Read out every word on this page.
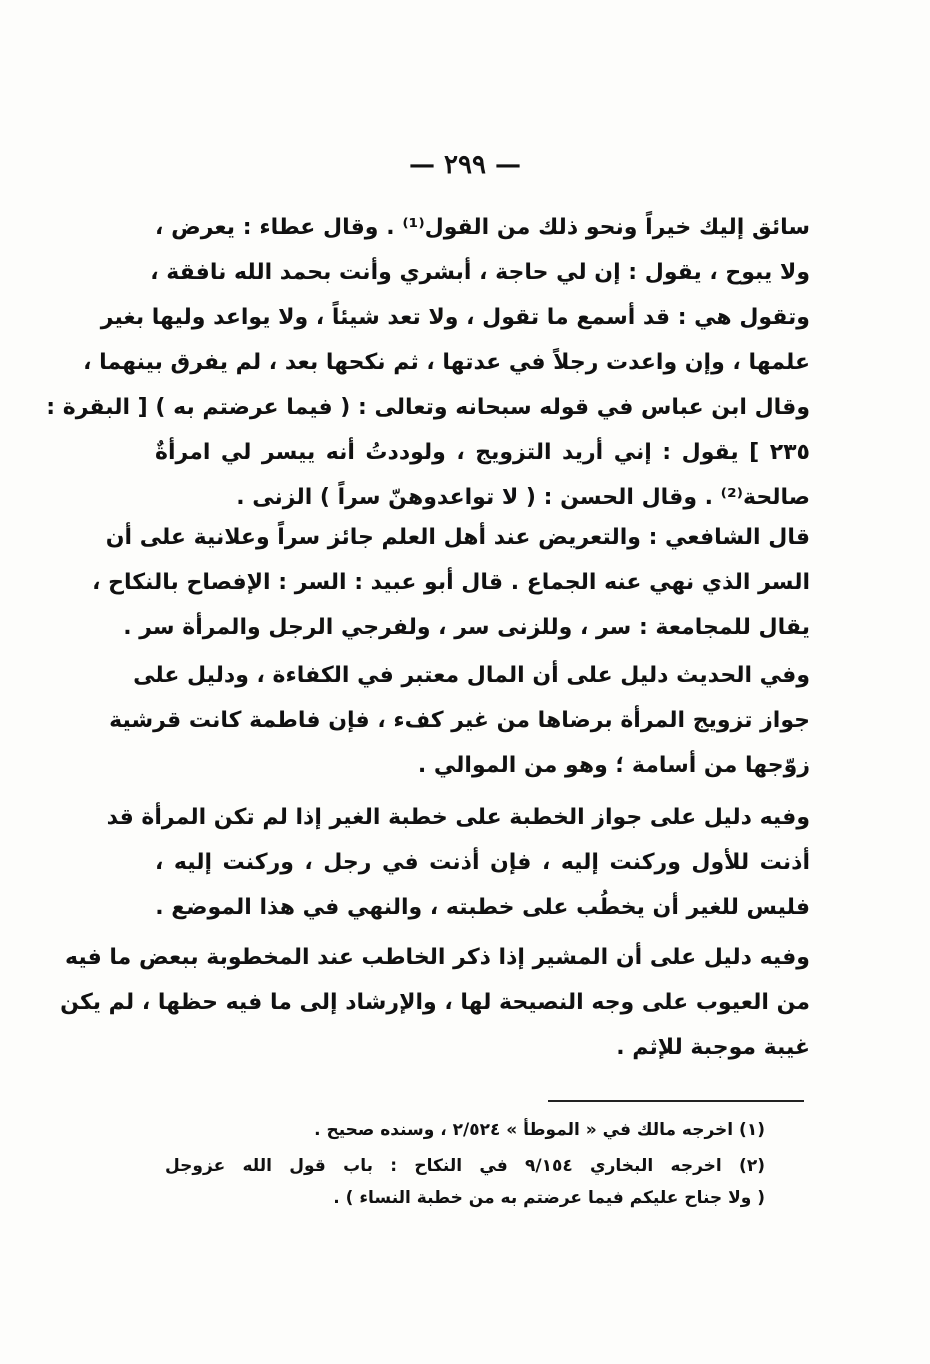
— ٢٩٩ —
سائق إليك خيراً ونحو ذلك من القول⁽¹⁾ . وقال عطاء : يعرض ،
ولا يبوح ، يقول : إن لي حاجة ، أبشري وأنت بحمد الله نافقة ،
وتقول هي : قد أسمع ما تقول ، ولا تعد شيئاً ، ولا يواعد وليها بغير
علمها ، وإن واعدت رجلاً في عدتها ، ثم نكحها بعد ، لم يفرق بينهما ،
وقال ابن عباس في قوله سبحانه وتعالى : ( فيما عرضتم به ) [ البقرة :
٢٣٥ ] يقول : إني أريد التزويج ، ولوددتُ أنه ييسر لي امرأةٌ
صالحة⁽²⁾ . وقال الحسن : ( لا تواعدوهنّ سراً ) الزنى .
قال الشافعي : والتعريض عند أهل العلم جائز سراً وعلانية على أن
السر الذي نهي عنه الجماع . قال أبو عبيد : السر : الإفصاح بالنكاح ،
يقال للمجامعة : سر ، وللزنى سر ، ولفرجي الرجل والمرأة سر .
وفي الحديث دليل على أن المال معتبر في الكفاءة ، ودليل على
جواز تزويج المرأة برضاها من غير كفء ، فإن فاطمة كانت قرشية
زوّجها من أسامة ؛ وهو من الموالي .
وفيه دليل على جواز الخطبة على خطبة الغير إذا لم تكن المرأة قد
أذنت للأول وركنت إليه ، فإن أذنت في رجل ، وركنت إليه ،
فليس للغير أن يخطُب على خطبته ، والنهي في هذا الموضع .
وفيه دليل على أن المشير إذا ذكر الخاطب عند المخطوبة ببعض ما فيه
من العيوب على وجه النصيحة لها ، والإرشاد إلى ما فيه حظها ، لم يكن
غيبة موجبة للإثم .
(١) اخرجه مالك في « الموطأ » ٢/٥٢٤ ، وسنده صحيح .
(٢) اخرجه البخاري ٩/١٥٤ في النكاح : باب قول الله عزوجل
( ولا جناح عليكم فيما عرضتم به من خطبة النساء ) .
